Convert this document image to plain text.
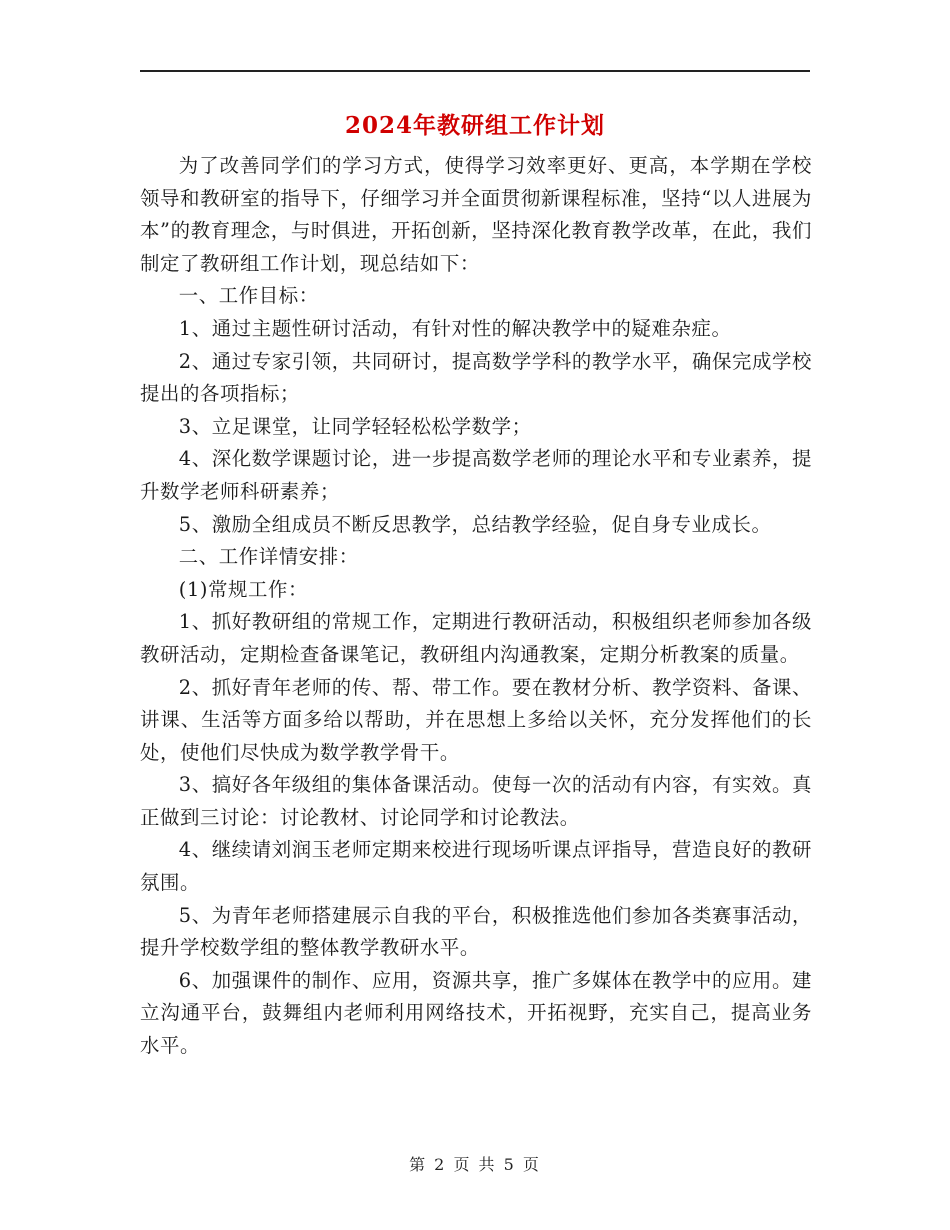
2024年教研组工作计划

为了改善同学们的学习方式，使得学习效率更好、更高，本学期在学校领导和教研室的指导下，仔细学习并全面贯彻新课程标准，坚持“以人进展为本”的教育理念，与时俱进，开拓创新，坚持深化教育教学改革，在此，我们制定了教研组工作计划，现总结如下：

一、工作目标：

1、通过主题性研讨活动，有针对性的解决教学中的疑难杂症。

2、通过专家引领，共同研讨，提高数学学科的教学水平，确保完成学校提出的各项指标；

3、立足课堂，让同学轻轻松松学数学；

4、深化数学课题讨论，进一步提高数学老师的理论水平和专业素养，提升数学老师科研素养；

5、激励全组成员不断反思教学，总结教学经验，促自身专业成长。

二、工作详情安排：

(1)常规工作：

1、抓好教研组的常规工作，定期进行教研活动，积极组织老师参加各级教研活动，定期检查备课笔记，教研组内沟通教案，定期分析教案的质量。

2、抓好青年老师的传、帮、带工作。要在教材分析、教学资料、备课、讲课、生活等方面多给以帮助，并在思想上多给以关怀，充分发挥他们的长处，使他们尽快成为数学教学骨干。

3、搞好各年级组的集体备课活动。使每一次的活动有内容，有实效。真正做到三讨论：讨论教材、讨论同学和讨论教法。

4、继续请刘润玉老师定期来校进行现场听课点评指导，营造良好的教研氛围。

5、为青年老师搭建展示自我的平台，积极推选他们参加各类赛事活动，提升学校数学组的整体教学教研水平。

6、加强课件的制作、应用，资源共享，推广多媒体在教学中的应用。建立沟通平台，鼓舞组内老师利用网络技术，开拓视野，充实自己，提高业务水平。

第 2 页 共 5 页
